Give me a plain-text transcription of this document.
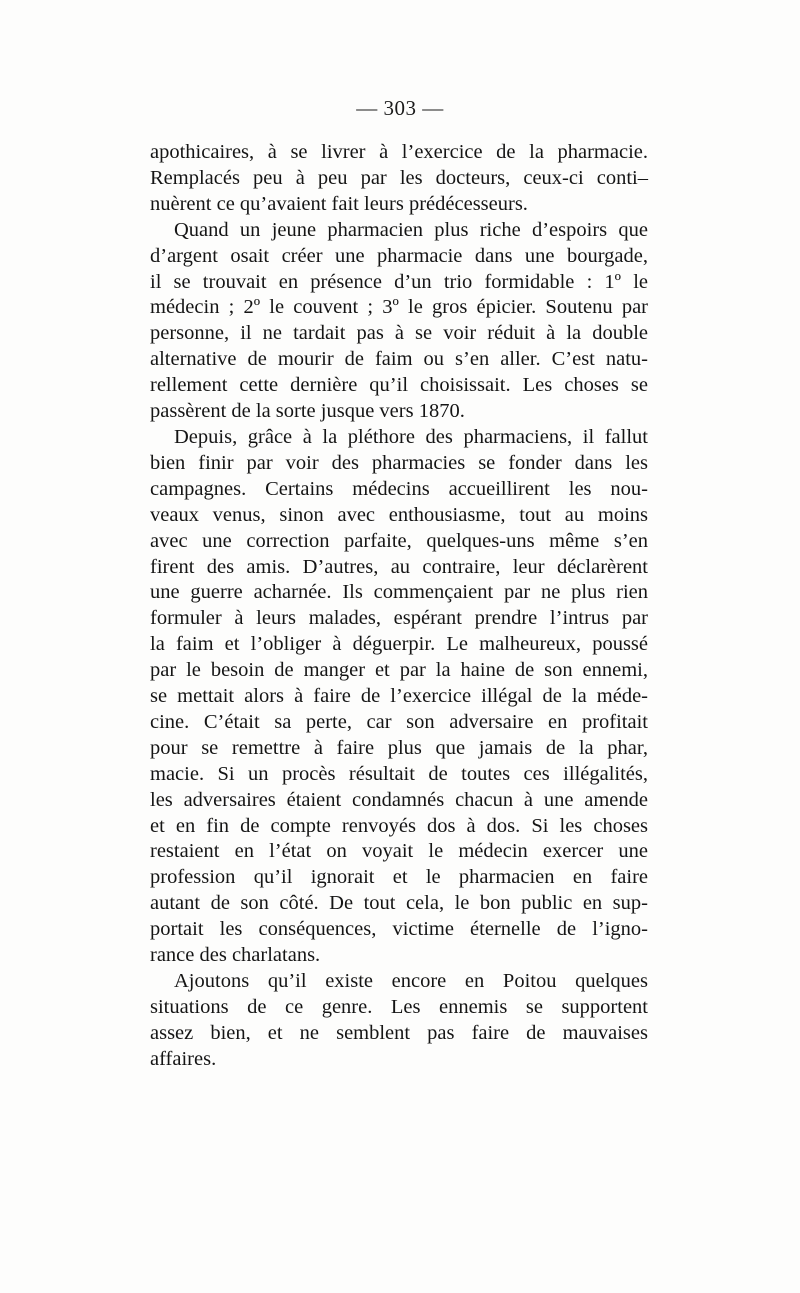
— 303 —
apothicaires, à se livrer à l’exercice de la pharmacie.
Remplacés peu à peu par les docteurs, ceux-ci conti–
nuèrent ce qu’avaient fait leurs prédécesseurs.
Quand un jeune pharmacien plus riche d’espoirs que
d’argent osait créer une pharmacie dans une bourgade,
il se trouvait en présence d’un trio formidable : 1º le
médecin ; 2º le couvent ; 3º le gros épicier. Soutenu par
personne, il ne tardait pas à se voir réduit à la double
alternative de mourir de faim ou s’en aller. C’est natu-
rellement cette dernière qu’il choisissait. Les choses se
passèrent de la sorte jusque vers 1870.
Depuis, grâce à la pléthore des pharmaciens, il fallut
bien finir par voir des pharmacies se fonder dans les
campagnes. Certains médecins accueillirent les nou-
veaux venus, sinon avec enthousiasme, tout au moins
avec une correction parfaite, quelques-uns même s’en
firent des amis. D’autres, au contraire, leur déclarèrent
une guerre acharnée. Ils commençaient par ne plus rien
formuler à leurs malades, espérant prendre l’intrus par
la faim et l’obliger à déguerpir. Le malheureux, poussé
par le besoin de manger et par la haine de son ennemi,
se mettait alors à faire de l’exercice illégal de la méde-
cine. C’était sa perte, car son adversaire en profitait
pour se remettre à faire plus que jamais de la phar,
macie. Si un procès résultait de toutes ces illégalités,
les adversaires étaient condamnés chacun à une amende
et en fin de compte renvoyés dos à dos. Si les choses
restaient en l’état on voyait le médecin exercer une
profession qu’il ignorait et le pharmacien en faire
autant de son côté. De tout cela, le bon public en sup-
portait les conséquences, victime éternelle de l’igno-
rance des charlatans.
Ajoutons qu’il existe encore en Poitou quelques
situations de ce genre. Les ennemis se supportent
assez bien, et ne semblent pas faire de mauvaises
affaires.
